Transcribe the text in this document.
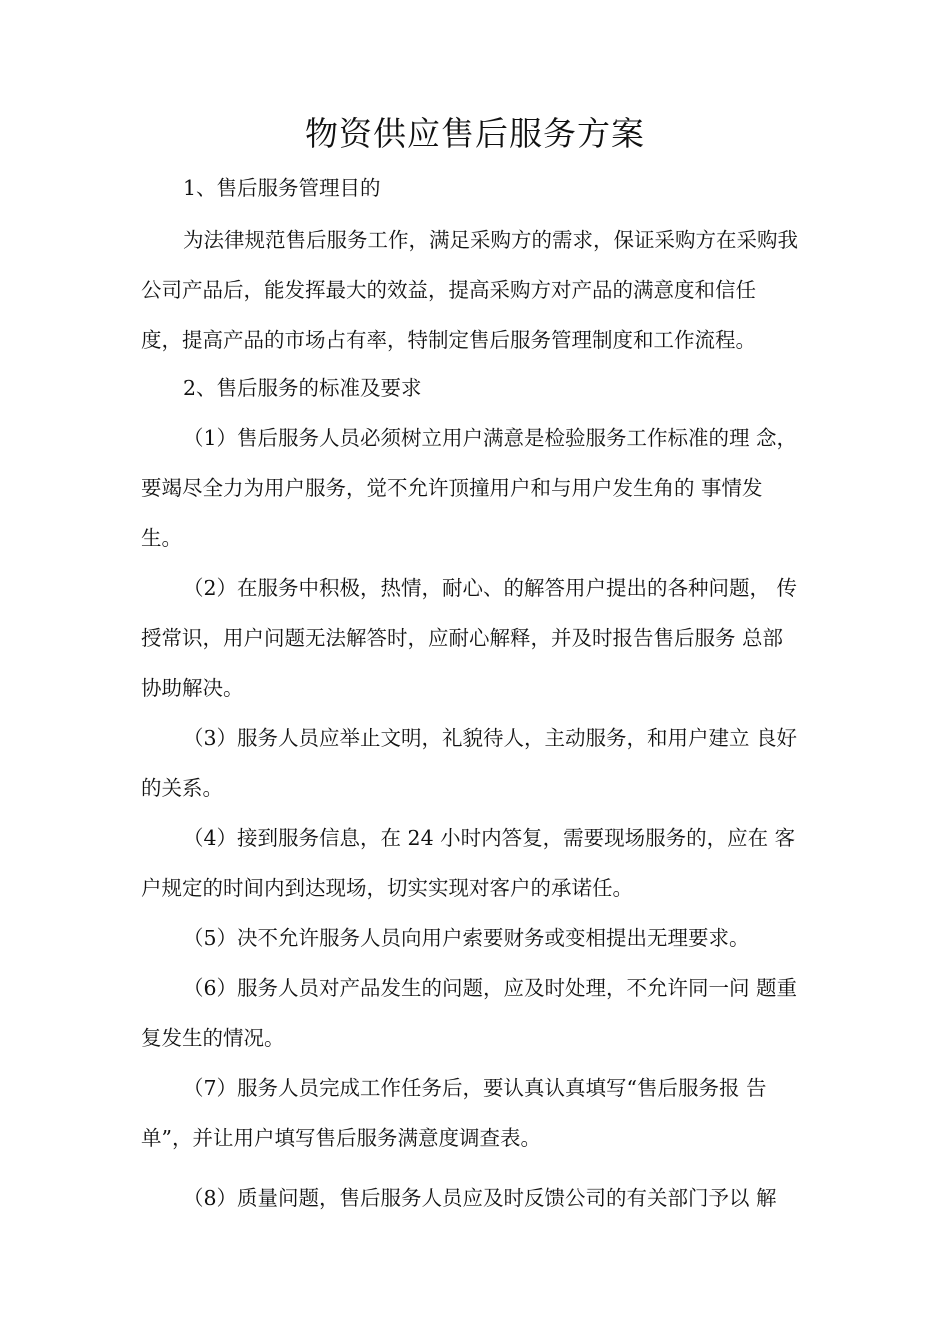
物资供应售后服务方案

1、售后服务管理目的

为法律规范售后服务工作，满足采购方的需求，保证采购方在采购我
公司产品后，能发挥最大的效益，提高采购方对产品的满意度和信任
度，提高产品的市场占有率，特制定售后服务管理制度和工作流程。

2、售后服务的标准及要求

（1）售后服务人员必须树立用户满意是检验服务工作标准的理 念，
要竭尽全力为用户服务，觉不允许顶撞用户和与用户发生角的 事情发
生。

（2）在服务中积极，热情，耐心、的解答用户提出的各种问题， 传
授常识，用户问题无法解答时，应耐心解释，并及时报告售后服务 总部
协助解决。

（3）服务人员应举止文明，礼貌待人，主动服务，和用户建立 良好
的关系。

（4）接到服务信息，在 24 小时内答复，需要现场服务的，应在 客
户规定的时间内到达现场，切实实现对客户的承诺任。

（5）决不允许服务人员向用户索要财务或变相提出无理要求。

（6）服务人员对产品发生的问题，应及时处理，不允许同一问 题重
复发生的情况。

（7）服务人员完成工作任务后，要认真认真填写“售后服务报 告
单”，并让用户填写售后服务满意度调查表。

（8）质量问题，售后服务人员应及时反馈公司的有关部门予以 解
